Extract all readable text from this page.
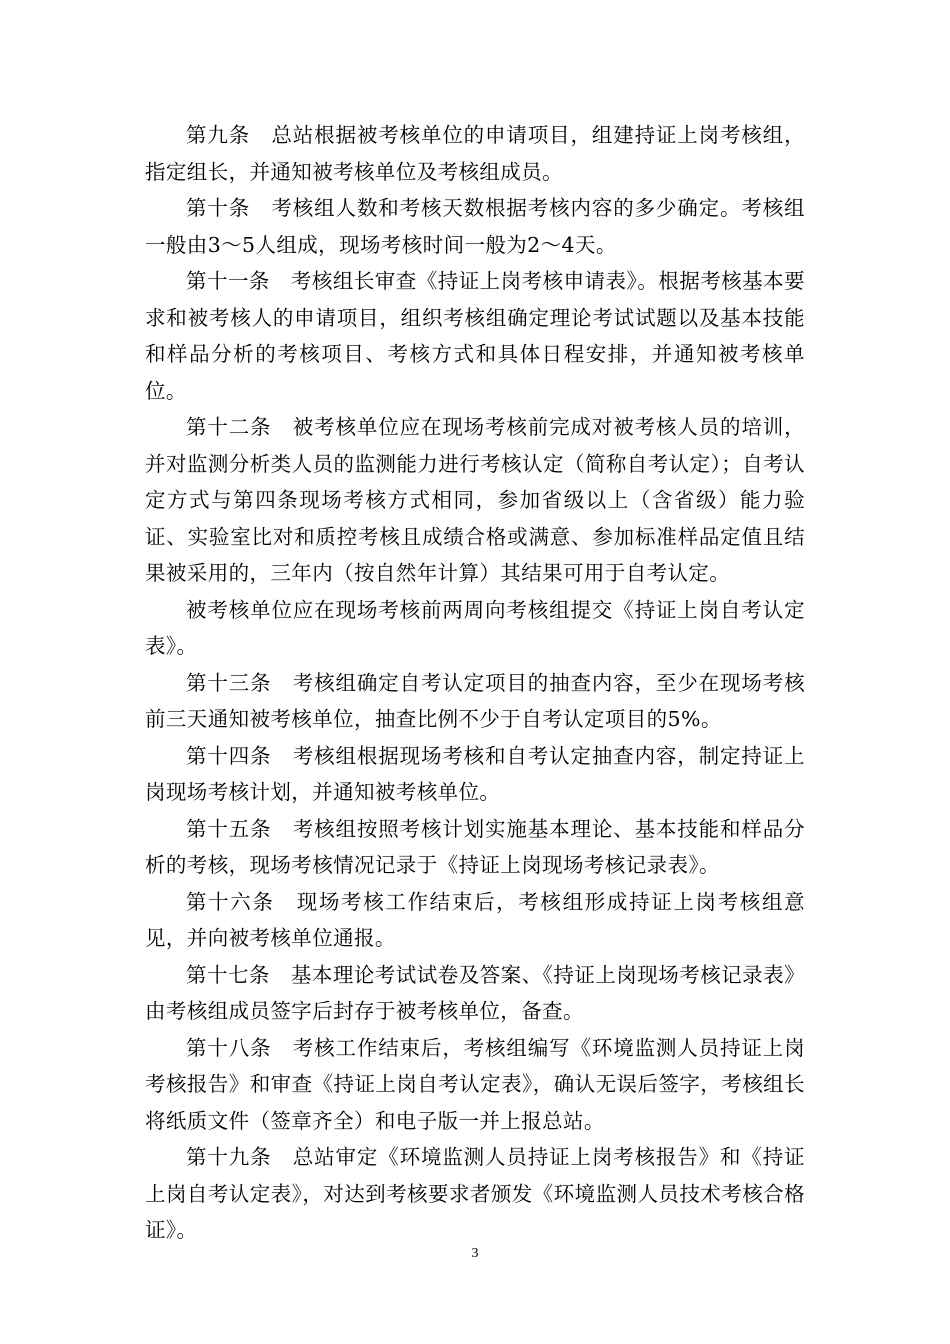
第九条　总站根据被考核单位的申请项目，组建持证上岗考核组，指定组长，并通知被考核单位及考核组成员。

第十条　考核组人数和考核天数根据考核内容的多少确定。考核组一般由3～5人组成，现场考核时间一般为2～4天。

第十一条　考核组长审查《持证上岗考核申请表》。根据考核基本要求和被考核人的申请项目，组织考核组确定理论考试试题以及基本技能和样品分析的考核项目、考核方式和具体日程安排，并通知被考核单位。

第十二条　被考核单位应在现场考核前完成对被考核人员的培训，并对监测分析类人员的监测能力进行考核认定（简称自考认定）；自考认定方式与第四条现场考核方式相同，参加省级以上（含省级）能力验证、实验室比对和质控考核且成绩合格或满意、参加标准样品定值且结果被采用的，三年内（按自然年计算）其结果可用于自考认定。

被考核单位应在现场考核前两周向考核组提交《持证上岗自考认定表》。

第十三条　考核组确定自考认定项目的抽查内容，至少在现场考核前三天通知被考核单位，抽查比例不少于自考认定项目的5%。

第十四条　考核组根据现场考核和自考认定抽查内容，制定持证上岗现场考核计划，并通知被考核单位。

第十五条　考核组按照考核计划实施基本理论、基本技能和样品分析的考核，现场考核情况记录于《持证上岗现场考核记录表》。

第十六条　现场考核工作结束后，考核组形成持证上岗考核组意见，并向被考核单位通报。

第十七条　基本理论考试试卷及答案、《持证上岗现场考核记录表》由考核组成员签字后封存于被考核单位，备查。

第十八条　考核工作结束后，考核组编写《环境监测人员持证上岗考核报告》和审查《持证上岗自考认定表》，确认无误后签字，考核组长将纸质文件（签章齐全）和电子版一并上报总站。

第十九条　总站审定《环境监测人员持证上岗考核报告》和《持证上岗自考认定表》，对达到考核要求者颁发《环境监测人员技术考核合格证》。

3
